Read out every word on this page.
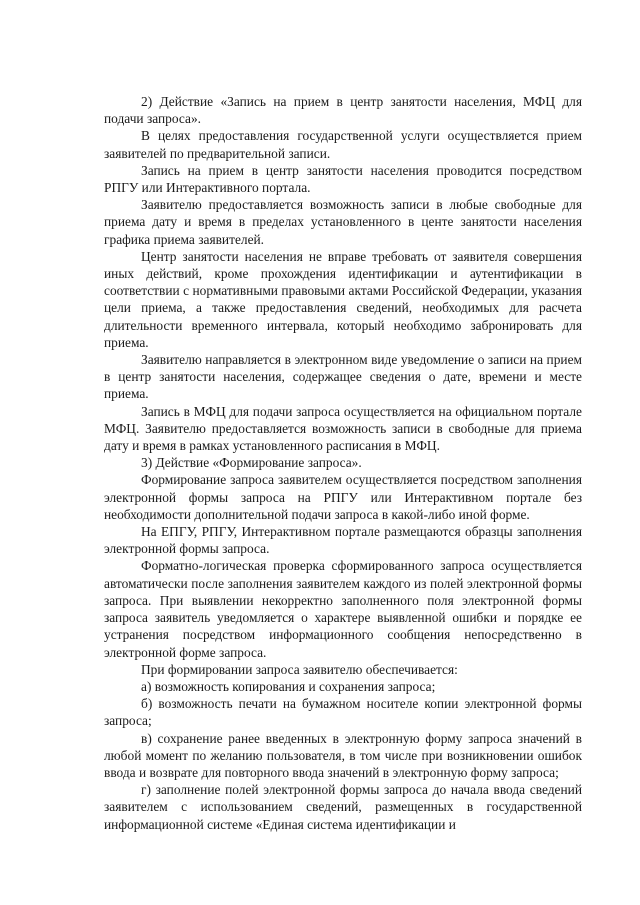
2) Действие «Запись на прием в центр занятости населения, МФЦ для подачи запроса».

В целях предоставления государственной услуги осуществляется прием заявителей по предварительной записи.

Запись на прием в центр занятости населения проводится посредством РПГУ или Интерактивного портала.

Заявителю предоставляется возможность записи в любые свободные для приема дату и время в пределах установленного в центе занятости населения графика приема заявителей.

Центр занятости населения не вправе требовать от заявителя совершения иных действий, кроме прохождения идентификации и аутентификации в соответствии с нормативными правовыми актами Российской Федерации, указания цели приема, а также предоставления сведений, необходимых для расчета длительности временного интервала, который необходимо забронировать для приема.

Заявителю направляется в электронном виде уведомление о записи на прием в центр занятости населения, содержащее сведения о дате, времени и месте приема.

Запись в МФЦ для подачи запроса осуществляется на официальном портале МФЦ. Заявителю предоставляется возможность записи в свободные для приема дату и время в рамках установленного расписания в МФЦ.

3) Действие «Формирование запроса».

Формирование запроса заявителем осуществляется посредством заполнения электронной формы запроса на РПГУ или Интерактивном портале без необходимости дополнительной подачи запроса в какой-либо иной форме.

На ЕПГУ, РПГУ, Интерактивном портале размещаются образцы заполнения электронной формы запроса.

Форматно-логическая проверка сформированного запроса осуществляется автоматически после заполнения заявителем каждого из полей электронной формы запроса. При выявлении некорректно заполненного поля электронной формы запроса заявитель уведомляется о характере выявленной ошибки и порядке ее устранения посредством информационного сообщения непосредственно в электронной форме запроса.

При формировании запроса заявителю обеспечивается:

а) возможность копирования и сохранения запроса;

б) возможность печати на бумажном носителе копии электронной формы запроса;

в) сохранение ранее введенных в электронную форму запроса значений в любой момент по желанию пользователя, в том числе при возникновении ошибок ввода и возврате для повторного ввода значений в электронную форму запроса;

г) заполнение полей электронной формы запроса до начала ввода сведений заявителем с использованием сведений, размещенных в государственной информационной системе «Единая система идентификации и
